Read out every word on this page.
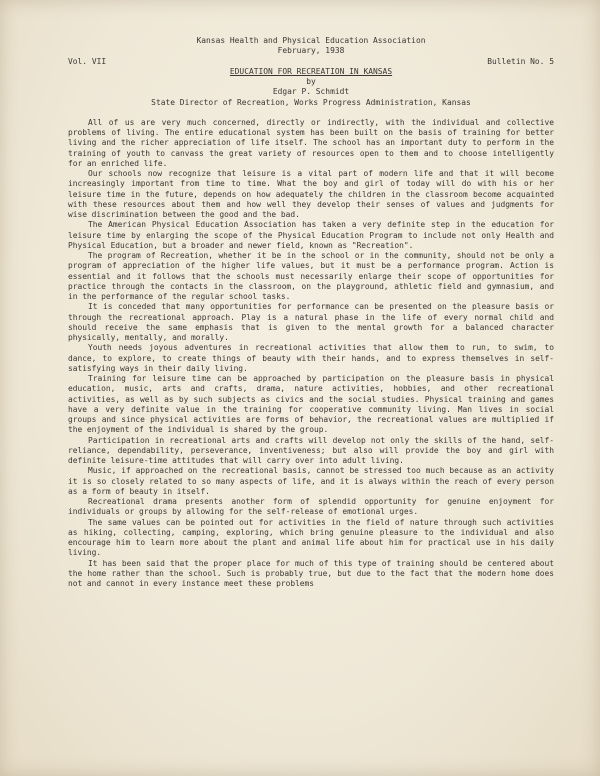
Kansas Health and Physical Education Association
February, 1938
Vol. VII	Bulletin No. 5
EDUCATION FOR RECREATION IN KANSAS
by
Edgar P. Schmidt
State Director of Recreation, Works Progress Administration, Kansas

All of us are very much concerned, directly or indirectly, with the individual and collective problems of living. The entire educational system has been built on the basis of training for better living and the richer appreciation of life itself. The school has an important duty to perform in the training of youth to canvass the great variety of resources open to them and to choose intelligently for an enriched life.

Our schools now recognize that leisure is a vital part of modern life and that it will become increasingly important from time to time. What the boy and girl of today will do with his or her leisure time in the future, depends on how adequately the children in the classroom become acquainted with these resources about them and how well they develop their senses of values and judgments for wise discrimination between the good and the bad.

The American Physical Education Association has taken a very definite step in the education for leisure time by enlarging the scope of the Physical Education Program to include not only Health and Physical Education, but a broader and newer field, known as "Recreation".

The program of Recreation, whether it be in the school or in the community, should not be only a program of appreciation of the higher life values, but it must be a performance program. Action is essential and it follows that the schools must necessarily enlarge their scope of opportunities for practice through the contacts in the classroom, on the playground, athletic field and gymnasium, and in the performance of the regular school tasks.

It is conceded that many opportunities for performance can be presented on the pleasure basis or through the recreational approach. Play is a natural phase in the life of every normal child and should receive the same emphasis that is given to the mental growth for a balanced character physically, mentally, and morally.

Youth needs joyous adventures in recreational activities that allow them to run, to swim, to dance, to explore, to create things of beauty with their hands, and to express themselves in self-satisfying ways in their daily living.

Training for leisure time can be approached by participation on the pleasure basis in physical education, music, arts and crafts, drama, nature activities, hobbies, and other recreational activities, as well as by such subjects as civics and the social studies. Physical training and games have a very definite value in the training for cooperative community living. Man lives in social groups and since physical activities are forms of behavior, the recreational values are multiplied if the enjoyment of the individual is shared by the group.

Participation in recreational arts and crafts will develop not only the skills of the hand, self-reliance, dependability, perseverance, inventiveness; but also will provide the boy and girl with definite leisure-time attitudes that will carry over into adult living.

Music, if approached on the recreational basis, cannot be stressed too much because as an activity it is so closely related to so many aspects of life, and it is always within the reach of every person as a form of beauty in itself.

Recreational drama presents another form of splendid opportunity for genuine enjoyment for individuals or groups by allowing for the self-release of emotional urges.

The same values can be pointed out for activities in the field of nature through such activities as hiking, collecting, camping, exploring, which bring genuine pleasure to the individual and also encourage him to learn more about the plant and animal life about him for practical use in his daily living.

It has been said that the proper place for much of this type of training should be centered about the home rather than the school. Such is probably true, but due to the fact that the modern home does not and cannot in every instance meet these problems
